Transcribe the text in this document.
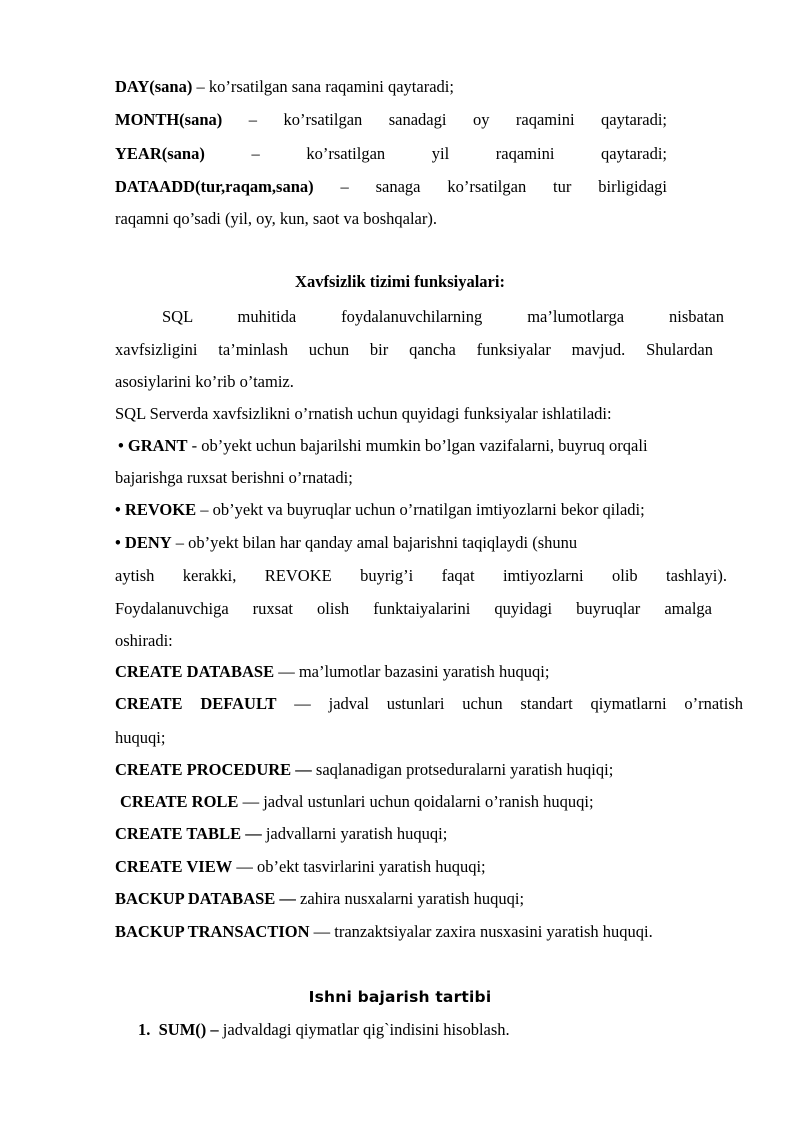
DAY(sana) – ko’rsatilgan sana raqamini qaytaradi;
MONTH(sana) – ko’rsatilgan sanadagi oy raqamini qaytaradi;
YEAR(sana)	– ko’rsatilgan yil raqamini qaytaradi;
DATAADD(tur,raqam,sana) – sanaga ko’rsatilgan tur birligidagi
raqamni qo’sadi (yil, oy, kun, saot va boshqalar).
Xavfsizlik tizimi funksiyalari:
SQL muhitida foydalanuvchilarning ma’lumotlarga nisbatan
xavfsizligini ta’minlash uchun bir qancha funksiyalar mavjud. Shulardan
asosiylarini ko’rib o’tamiz.
SQL Serverda xavfsizlikni o’rnatish uchun quyidagi funksiyalar ishlatiladi:
• GRANT - ob’yekt uchun bajarilshi mumkin bo’lgan vazifalarni, buyruq orqali
bajarishga ruxsat berishni o’rnatadi;
• REVOKE – ob’yekt va buyruqlar uchun o’rnatilgan imtiyozlarni bekor qiladi;
• DENY – ob’yekt bilan har qanday amal bajarishni taqiqlaydi (shunu
aytish kerakki, REVOKE buyrig’i faqat imtiyozlarni olib tashlayi).
Foydalanuvchiga ruxsat olish funktaiyalarini quyidagi buyruqlar amalga
oshiradi:
CREATE DATABASE — ma’lumotlar bazasini yaratish huquqi;
CREATE DEFAULT — jadval ustunlari uchun standart qiymatlarni o’rnatish
huquqi;
CREATE PROCEDURE — saqlanadigan protseduralarni yaratish huqiqi;
CREATE ROLE — jadval ustunlari uchun qoidalarni o’ranish huquqi;
CREATE TABLE — jadvallarni yaratish huquqi;
CREATE VIEW — ob’ekt tasvirlarini yaratish huquqi;
BACKUP DATABASE — zahira nusxalarni yaratish huquqi;
BACKUP TRANSACTION — tranzaktsiyalar zaxira nusxasini yaratish huquqi.
Ishni bajarish tartibi
1. SUM() – jadvaldagi qiymatlar qig`indisini hisoblash.
